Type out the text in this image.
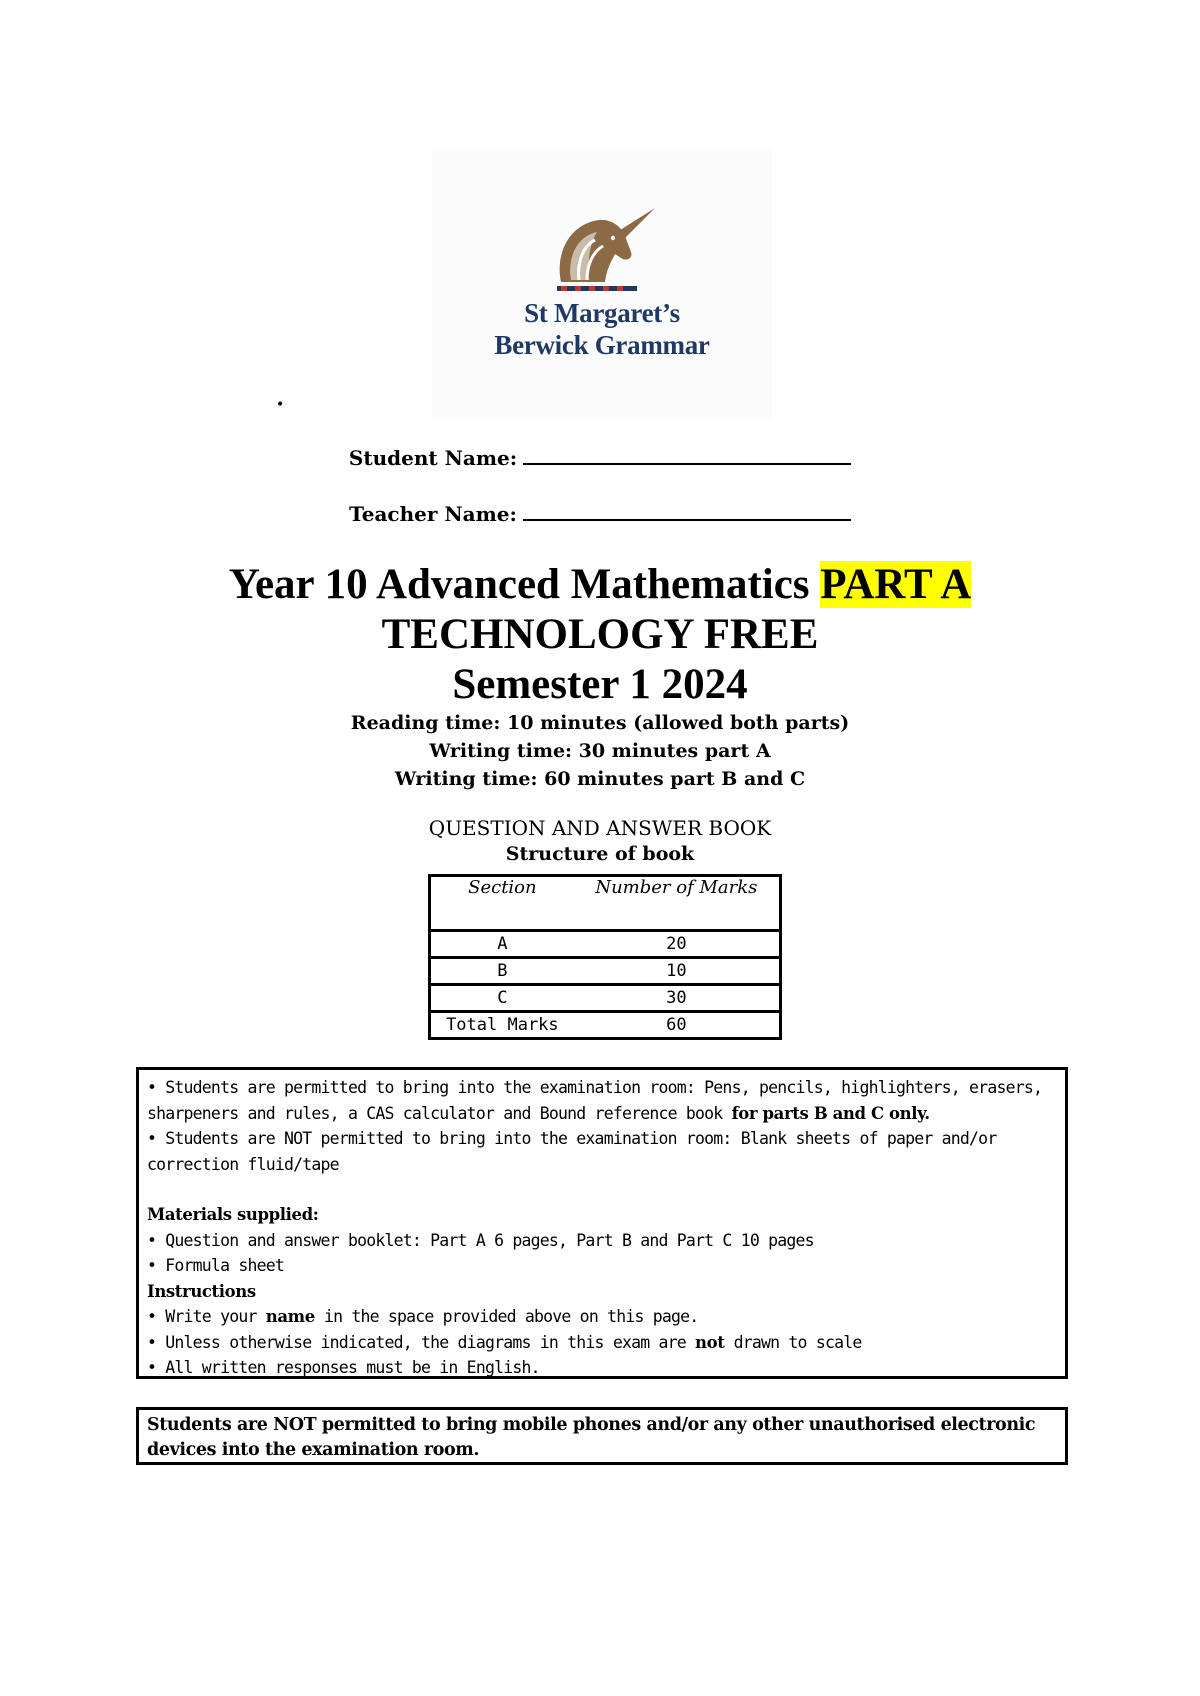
St Margaret’s
Berwick Grammar
•
Student Name:
Teacher Name:
Year 10 Advanced Mathematics PART A
TECHNOLOGY FREE
Semester 1 2024
Reading time: 10 minutes (allowed both parts)
Writing time: 30 minutes part A
Writing time: 60 minutes part B and C
QUESTION AND ANSWER BOOK
Structure of book
Section	Number of Marks
A	20
B	10
C	30
Total Marks	60

• Students are permitted to bring into the examination room: Pens, pencils, highlighters, erasers, sharpeners and rules, a CAS calculator and Bound reference book for parts B and C only.

• Students are NOT permitted to bring into the examination room: Blank sheets of paper and/or correction fluid/tape

Materials supplied:

• Question and answer booklet: Part A 6 pages, Part B and Part C 10 pages

• Formula sheet

Instructions

• Write your name in the space provided above on this page.

• Unless otherwise indicated, the diagrams in this exam are not drawn to scale

• All written responses must be in English.

Students are NOT permitted to bring mobile phones and/or any other unauthorised electronic devices into the examination room.
